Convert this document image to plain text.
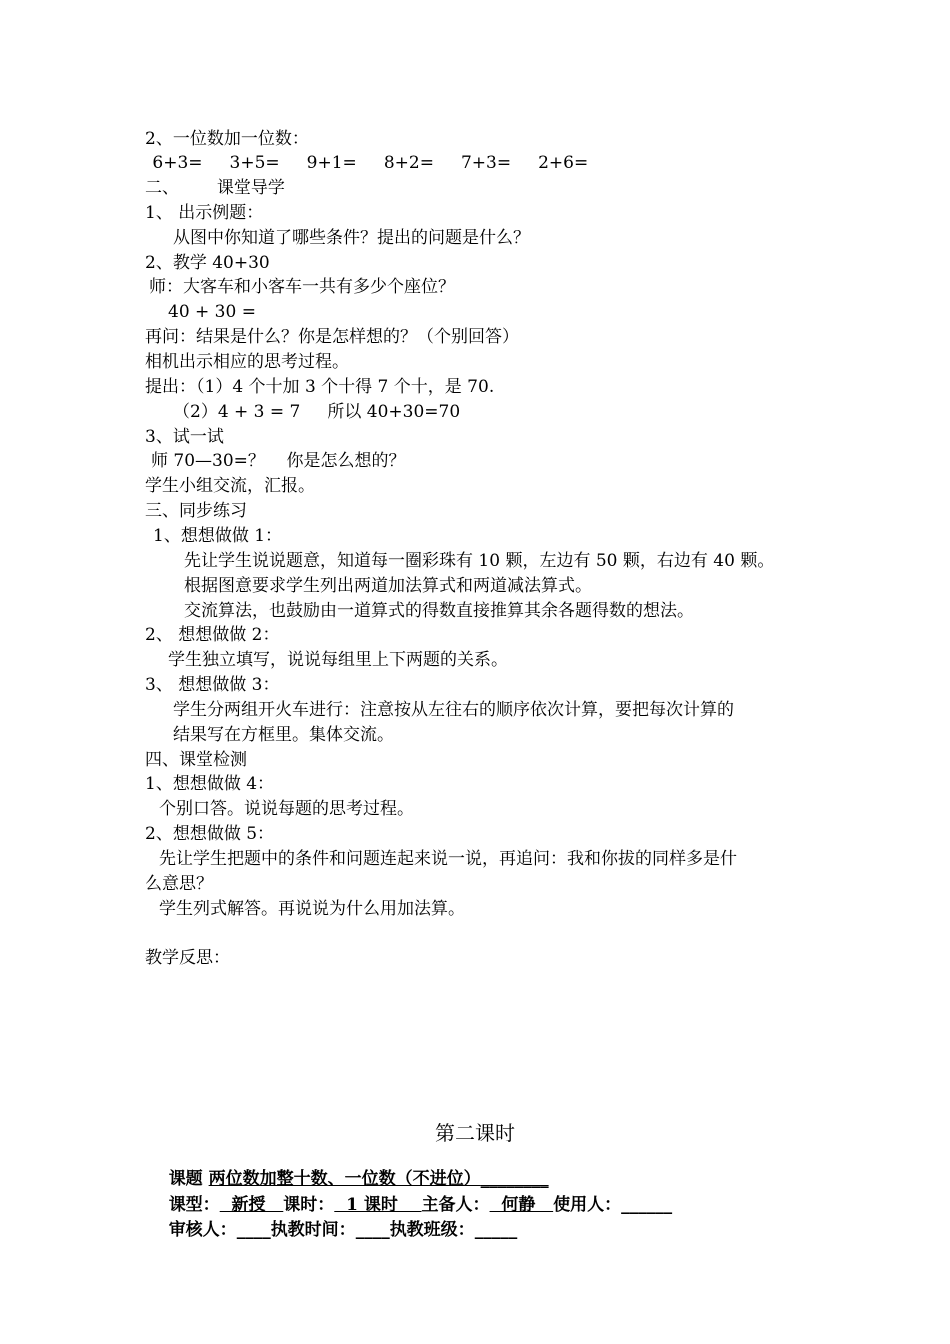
2、一位数加一位数：
6+3=     3+5=     9+1=     8+2=     7+3=     2+6=
二、       课堂导学
1、 出示例题：
从图中你知道了哪些条件？提出的问题是什么？
2、教学 40+30
师：大客车和小客车一共有多少个座位？
40 + 30 =
再问：结果是什么？你是怎样想的？（个别回答）
相机出示相应的思考过程。
提出：（1）4 个十加 3 个十得 7 个十，是 70.
（2）4 + 3 = 7     所以 40+30=70
3、试一试
师 70—30=？    你是怎么想的？
学生小组交流，汇报。
三、同步练习
1、想想做做 1：
先让学生说说题意，知道每一圈彩珠有 10 颗，左边有 50 颗，右边有 40 颗。
根据图意要求学生列出两道加法算式和两道减法算式。
交流算法，也鼓励由一道算式的得数直接推算其余各题得数的想法。
2、 想想做做 2：
学生独立填写，说说每组里上下两题的关系。
3、 想想做做 3：
学生分两组开火车进行：注意按从左往右的顺序依次计算，要把每次计算的
结果写在方框里。集体交流。
四、课堂检测
1、想想做做 4：
个别口答。说说每题的思考过程。
2、想想做做 5：
先让学生把题中的条件和问题连起来说一说，再追问：我和你拔的同样多是什
么意思？
学生列式解答。再说说为什么用加法算。
教学反思：
第二课时

课题 两位数加整十数、一位数（不进位）________

课型：  新授   课时：  1 课时    主备人：  何静   使用人：______

审核人：____执教时间：____执教班级：_____
